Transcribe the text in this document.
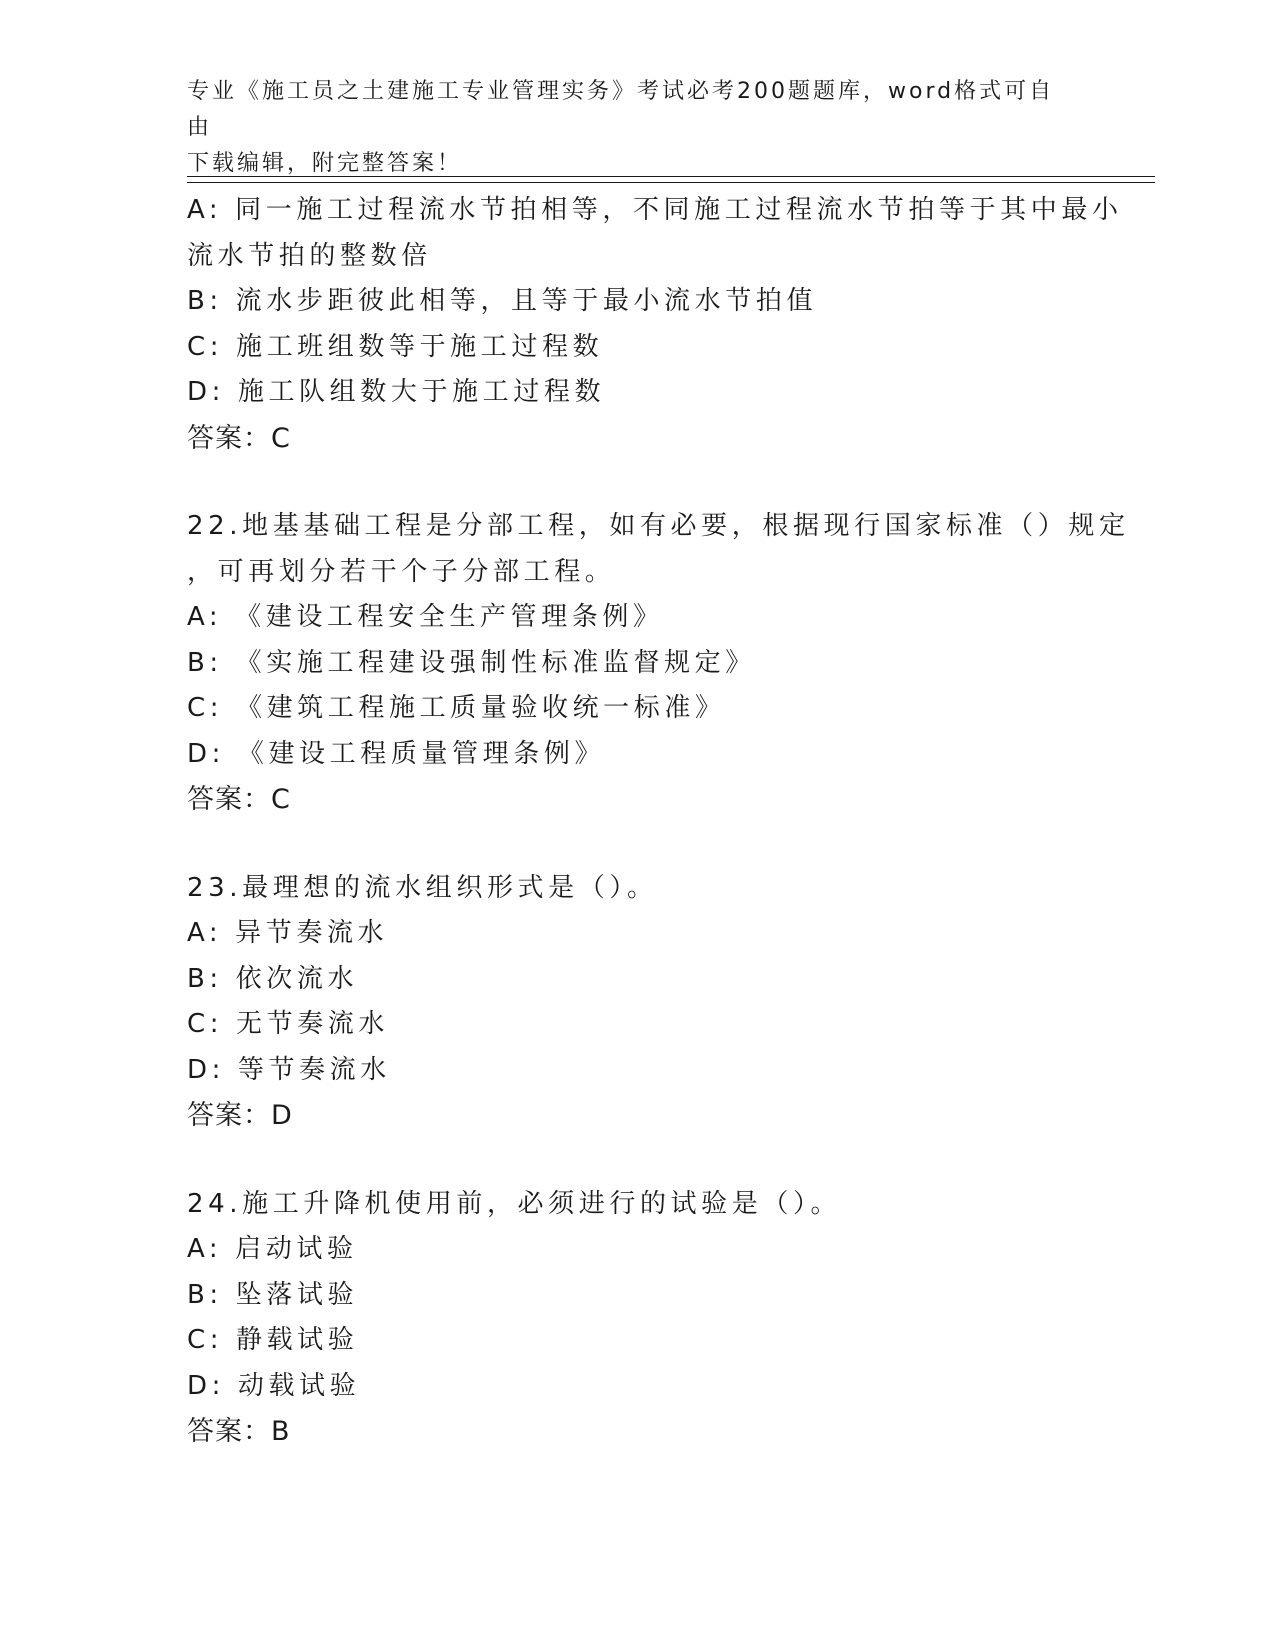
专业《施工员之土建施工专业管理实务》考试必考200题题库，word格式可自由
下载编辑，附完整答案！
A: 同一施工过程流水节拍相等，不同施工过程流水节拍等于其中最小
流水节拍的整数倍
B: 流水步距彼此相等，且等于最小流水节拍值
C: 施工班组数等于施工过程数
D: 施工队组数大于施工过程数
答案：C
22.地基基础工程是分部工程，如有必要，根据现行国家标准（）规定
，可再划分若干个子分部工程。
A: 《建设工程安全生产管理条例》
B: 《实施工程建设强制性标准监督规定》
C: 《建筑工程施工质量验收统一标准》
D: 《建设工程质量管理条例》
答案：C
23.最理想的流水组织形式是（）。
A: 异节奏流水
B: 依次流水
C: 无节奏流水
D: 等节奏流水
答案：D
24.施工升降机使用前，必须进行的试验是（）。
A: 启动试验
B: 坠落试验
C: 静载试验
D: 动载试验
答案：B
